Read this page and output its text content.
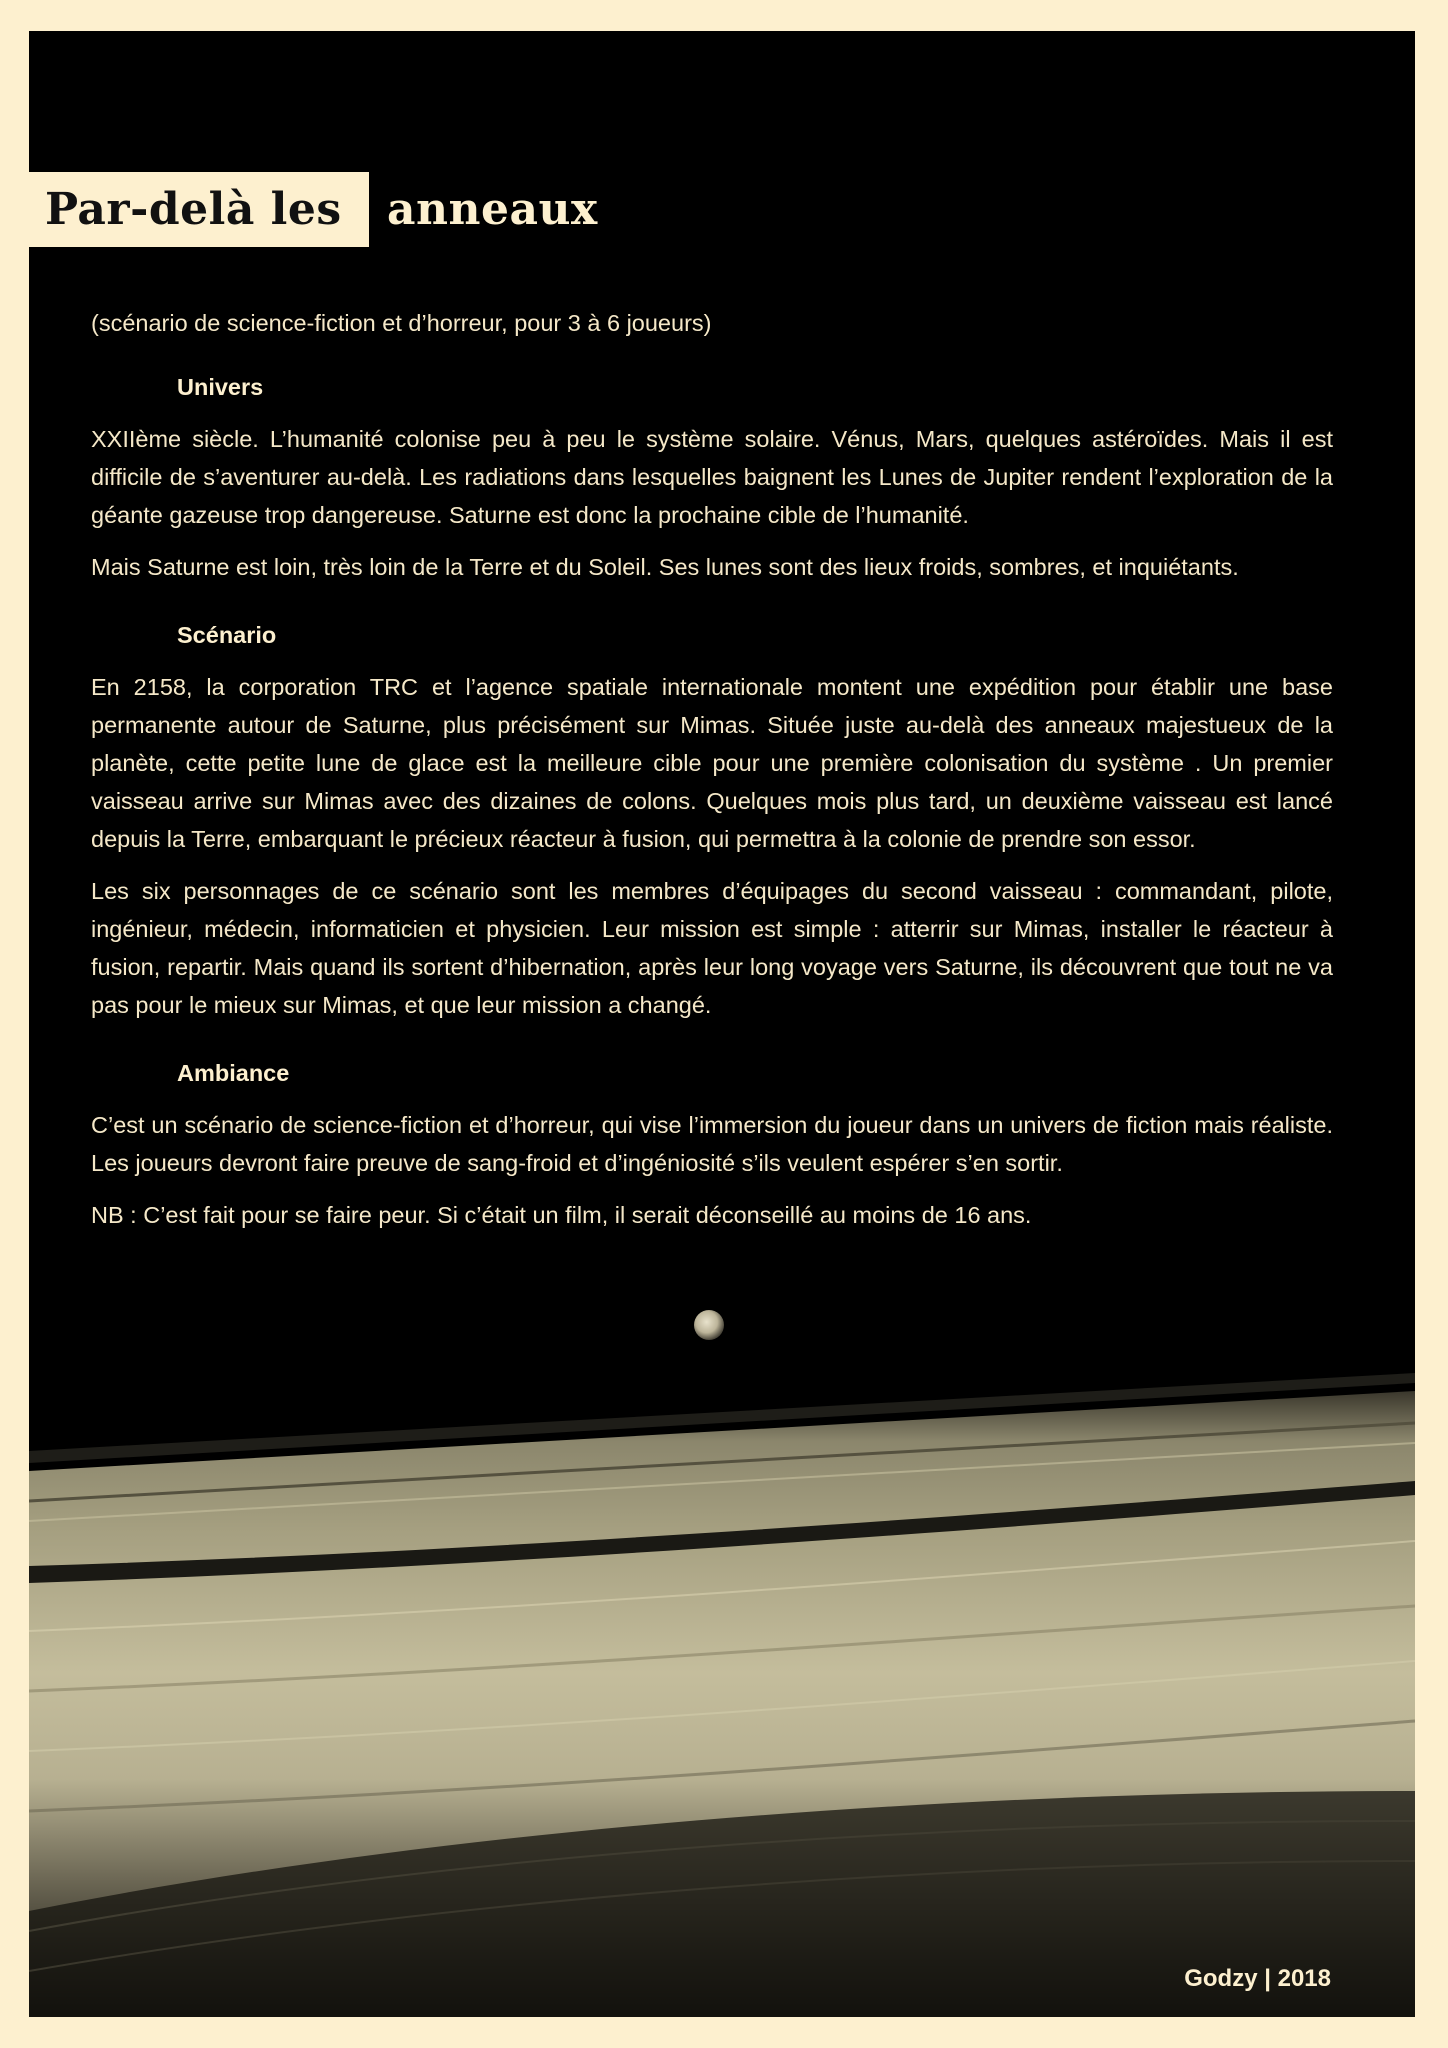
Par-delà les	anneaux

(scénario de science-fiction et d’horreur, pour 3 à 6 joueurs)

Univers

XXIIème siècle. L’humanité colonise peu à peu le système solaire. Vénus, Mars, quelques astéroïdes. Mais il est difficile de s’aventurer au-delà. Les radiations dans lesquelles baignent les Lunes de Jupiter rendent l’exploration de la géante gazeuse trop dangereuse. Saturne est donc la prochaine cible de l’humanité.

Mais Saturne est loin, très loin de la Terre et du Soleil. Ses lunes sont des lieux froids, sombres, et inquiétants.

Scénario

En 2158, la corporation TRC et l’agence spatiale internationale montent une expédition pour établir une base permanente autour de Saturne, plus précisément sur Mimas. Située juste au-delà des anneaux majestueux de la planète, cette petite lune de glace est la meilleure cible pour une première colonisation du système . Un premier vaisseau arrive sur Mimas avec des dizaines de colons. Quelques mois plus tard, un deuxième vaisseau est lancé depuis la Terre, embarquant le précieux réacteur à fusion, qui permettra à la colonie de prendre son essor.

Les six personnages de ce scénario sont les membres d’équipages du second vaisseau : commandant, pilote, ingénieur, médecin, informaticien et physicien. Leur mission est simple : atterrir sur Mimas, installer le réacteur à fusion, repartir. Mais quand ils sortent d’hibernation, après leur long voyage vers Saturne, ils découvrent que tout ne va pas pour le mieux sur Mimas, et que leur mission a changé.

Ambiance

C’est un scénario de science-fiction et d’horreur, qui vise l’immersion du joueur dans un univers de fiction mais réaliste. Les joueurs devront faire preuve de sang-froid et d’ingéniosité s’ils veulent espérer s’en sortir.

NB : C’est fait pour se faire peur. Si c’était un film, il serait déconseillé au moins de 16 ans.

Godzy | 2018
